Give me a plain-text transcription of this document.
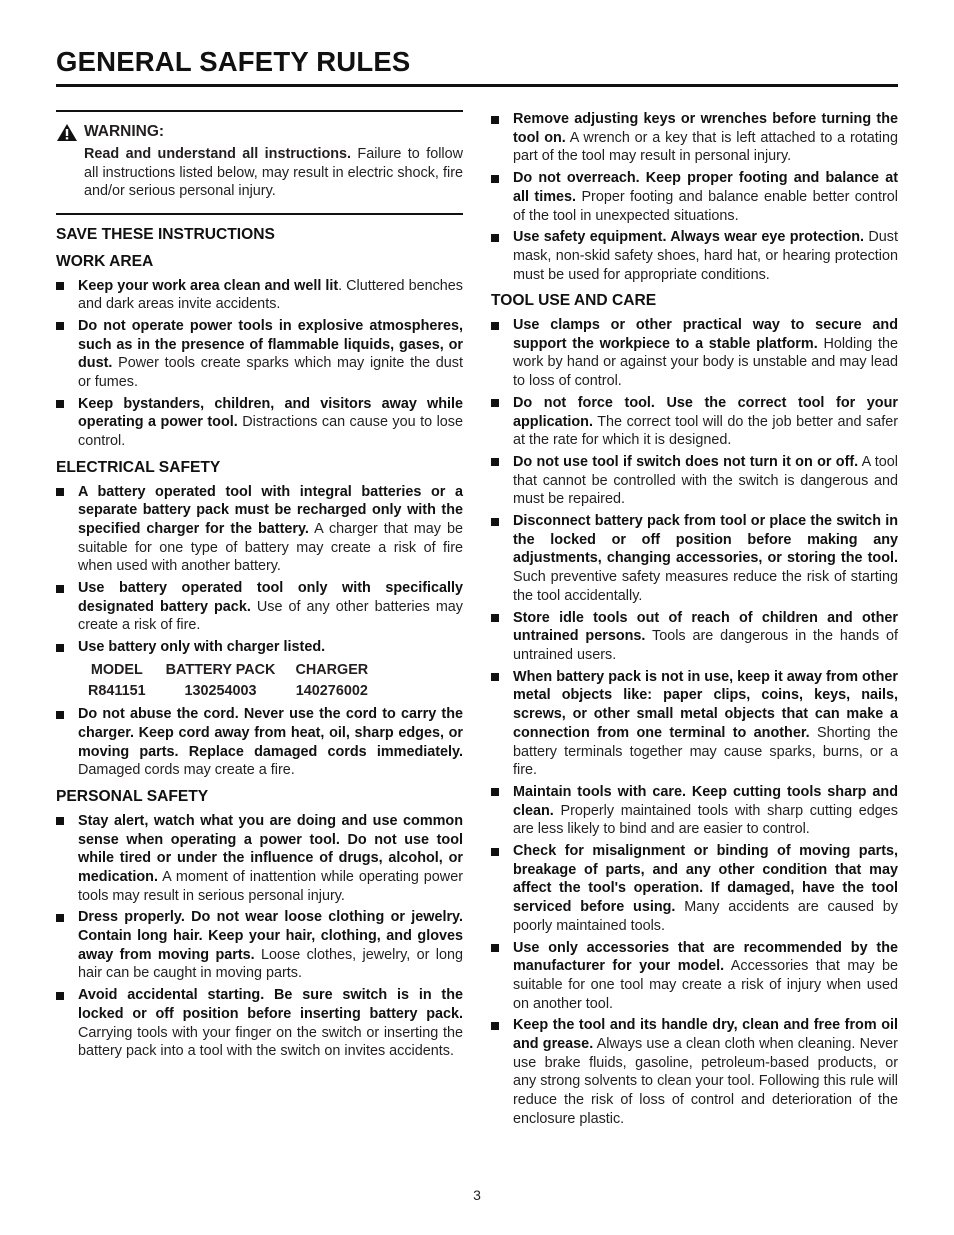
GENERAL SAFETY RULES
WARNING:
Read and understand all instructions. Failure to follow all instructions listed below, may result in electric shock, fire and/or serious personal injury.
SAVE THESE INSTRUCTIONS
WORK AREA
Keep your work area clean and well lit. Cluttered benches and dark areas invite accidents.
Do not operate power tools in explosive atmospheres, such as in the presence of flammable liquids, gases, or dust. Power tools create sparks which may ignite the dust or fumes.
Keep bystanders, children, and visitors away while operating a power tool. Distractions can cause you to lose control.
ELECTRICAL SAFETY
A battery operated tool with integral batteries or a separate battery pack must be recharged only with the specified charger for the battery. A charger that may be suitable for one type of battery may create a risk of fire when used with another battery.
Use battery operated tool only with specifically designated battery pack. Use of any other batteries may create a risk of fire.
Use battery only with charger listed.
MODEL	BATTERY PACK	CHARGER
R841151	130254003	140276002
Do not abuse the cord. Never use the cord to carry the charger. Keep cord away from heat, oil, sharp edges, or moving parts. Replace damaged cords immediately. Damaged cords may create a fire.
PERSONAL SAFETY
Stay alert, watch what you are doing and use common sense when operating a power tool. Do not use tool while tired or under the influence of drugs, alcohol, or medication. A moment of inattention while operating power tools may result in serious personal injury.
Dress properly. Do not wear loose clothing or jewelry. Contain long hair. Keep your hair, clothing, and gloves away from moving parts. Loose clothes, jewelry, or long hair can be caught in moving parts.
Avoid accidental starting. Be sure switch is in the locked or off position before inserting battery pack. Carrying tools with your finger on the switch or inserting the battery pack into a tool with the switch on invites accidents.
Remove adjusting keys or wrenches before turning the tool on. A wrench or a key that is left attached to a rotating part of the tool may result in personal injury.
Do not overreach. Keep proper footing and balance at all times. Proper footing and balance enable better control of the tool in unexpected situations.
Use safety equipment. Always wear eye protection. Dust mask, non-skid safety shoes, hard hat, or hearing protection must be used for appropriate conditions.
TOOL USE AND CARE
Use clamps or other practical way to secure and support the workpiece to a stable platform. Holding the work by hand or against your body is unstable and may lead to loss of control.
Do not force tool. Use the correct tool for your application. The correct tool will do the job better and safer at the rate for which it is designed.
Do not use tool if switch does not turn it on or off. A tool that cannot be controlled with the switch is dangerous and must be repaired.
Disconnect battery pack from tool or place the switch in the locked or off position before making any adjustments, changing accessories, or storing the tool. Such preventive safety measures reduce the risk of starting the tool accidentally.
Store idle tools out of reach of children and other untrained persons. Tools are dangerous in the hands of untrained users.
When battery pack is not in use, keep it away from other metal objects like: paper clips, coins, keys, nails, screws, or other small metal objects that can make a connection from one terminal to another. Shorting the battery terminals together may cause sparks, burns, or a fire.
Maintain tools with care. Keep cutting tools sharp and clean. Properly maintained tools with sharp cutting edges are less likely to bind and are easier to control.
Check for misalignment or binding of moving parts, breakage of parts, and any other condition that may affect the tool's operation. If damaged, have the tool serviced before using. Many accidents are caused by poorly maintained tools.
Use only accessories that are recommended by the manufacturer for your model. Accessories that may be suitable for one tool may create a risk of injury when used on another tool.
Keep the tool and its handle dry, clean and free from oil and grease. Always use a clean cloth when cleaning. Never use brake fluids, gasoline, petroleum-based products, or any strong solvents to clean your tool. Following this rule will reduce the risk of loss of control and deterioration of the enclosure plastic.
3
